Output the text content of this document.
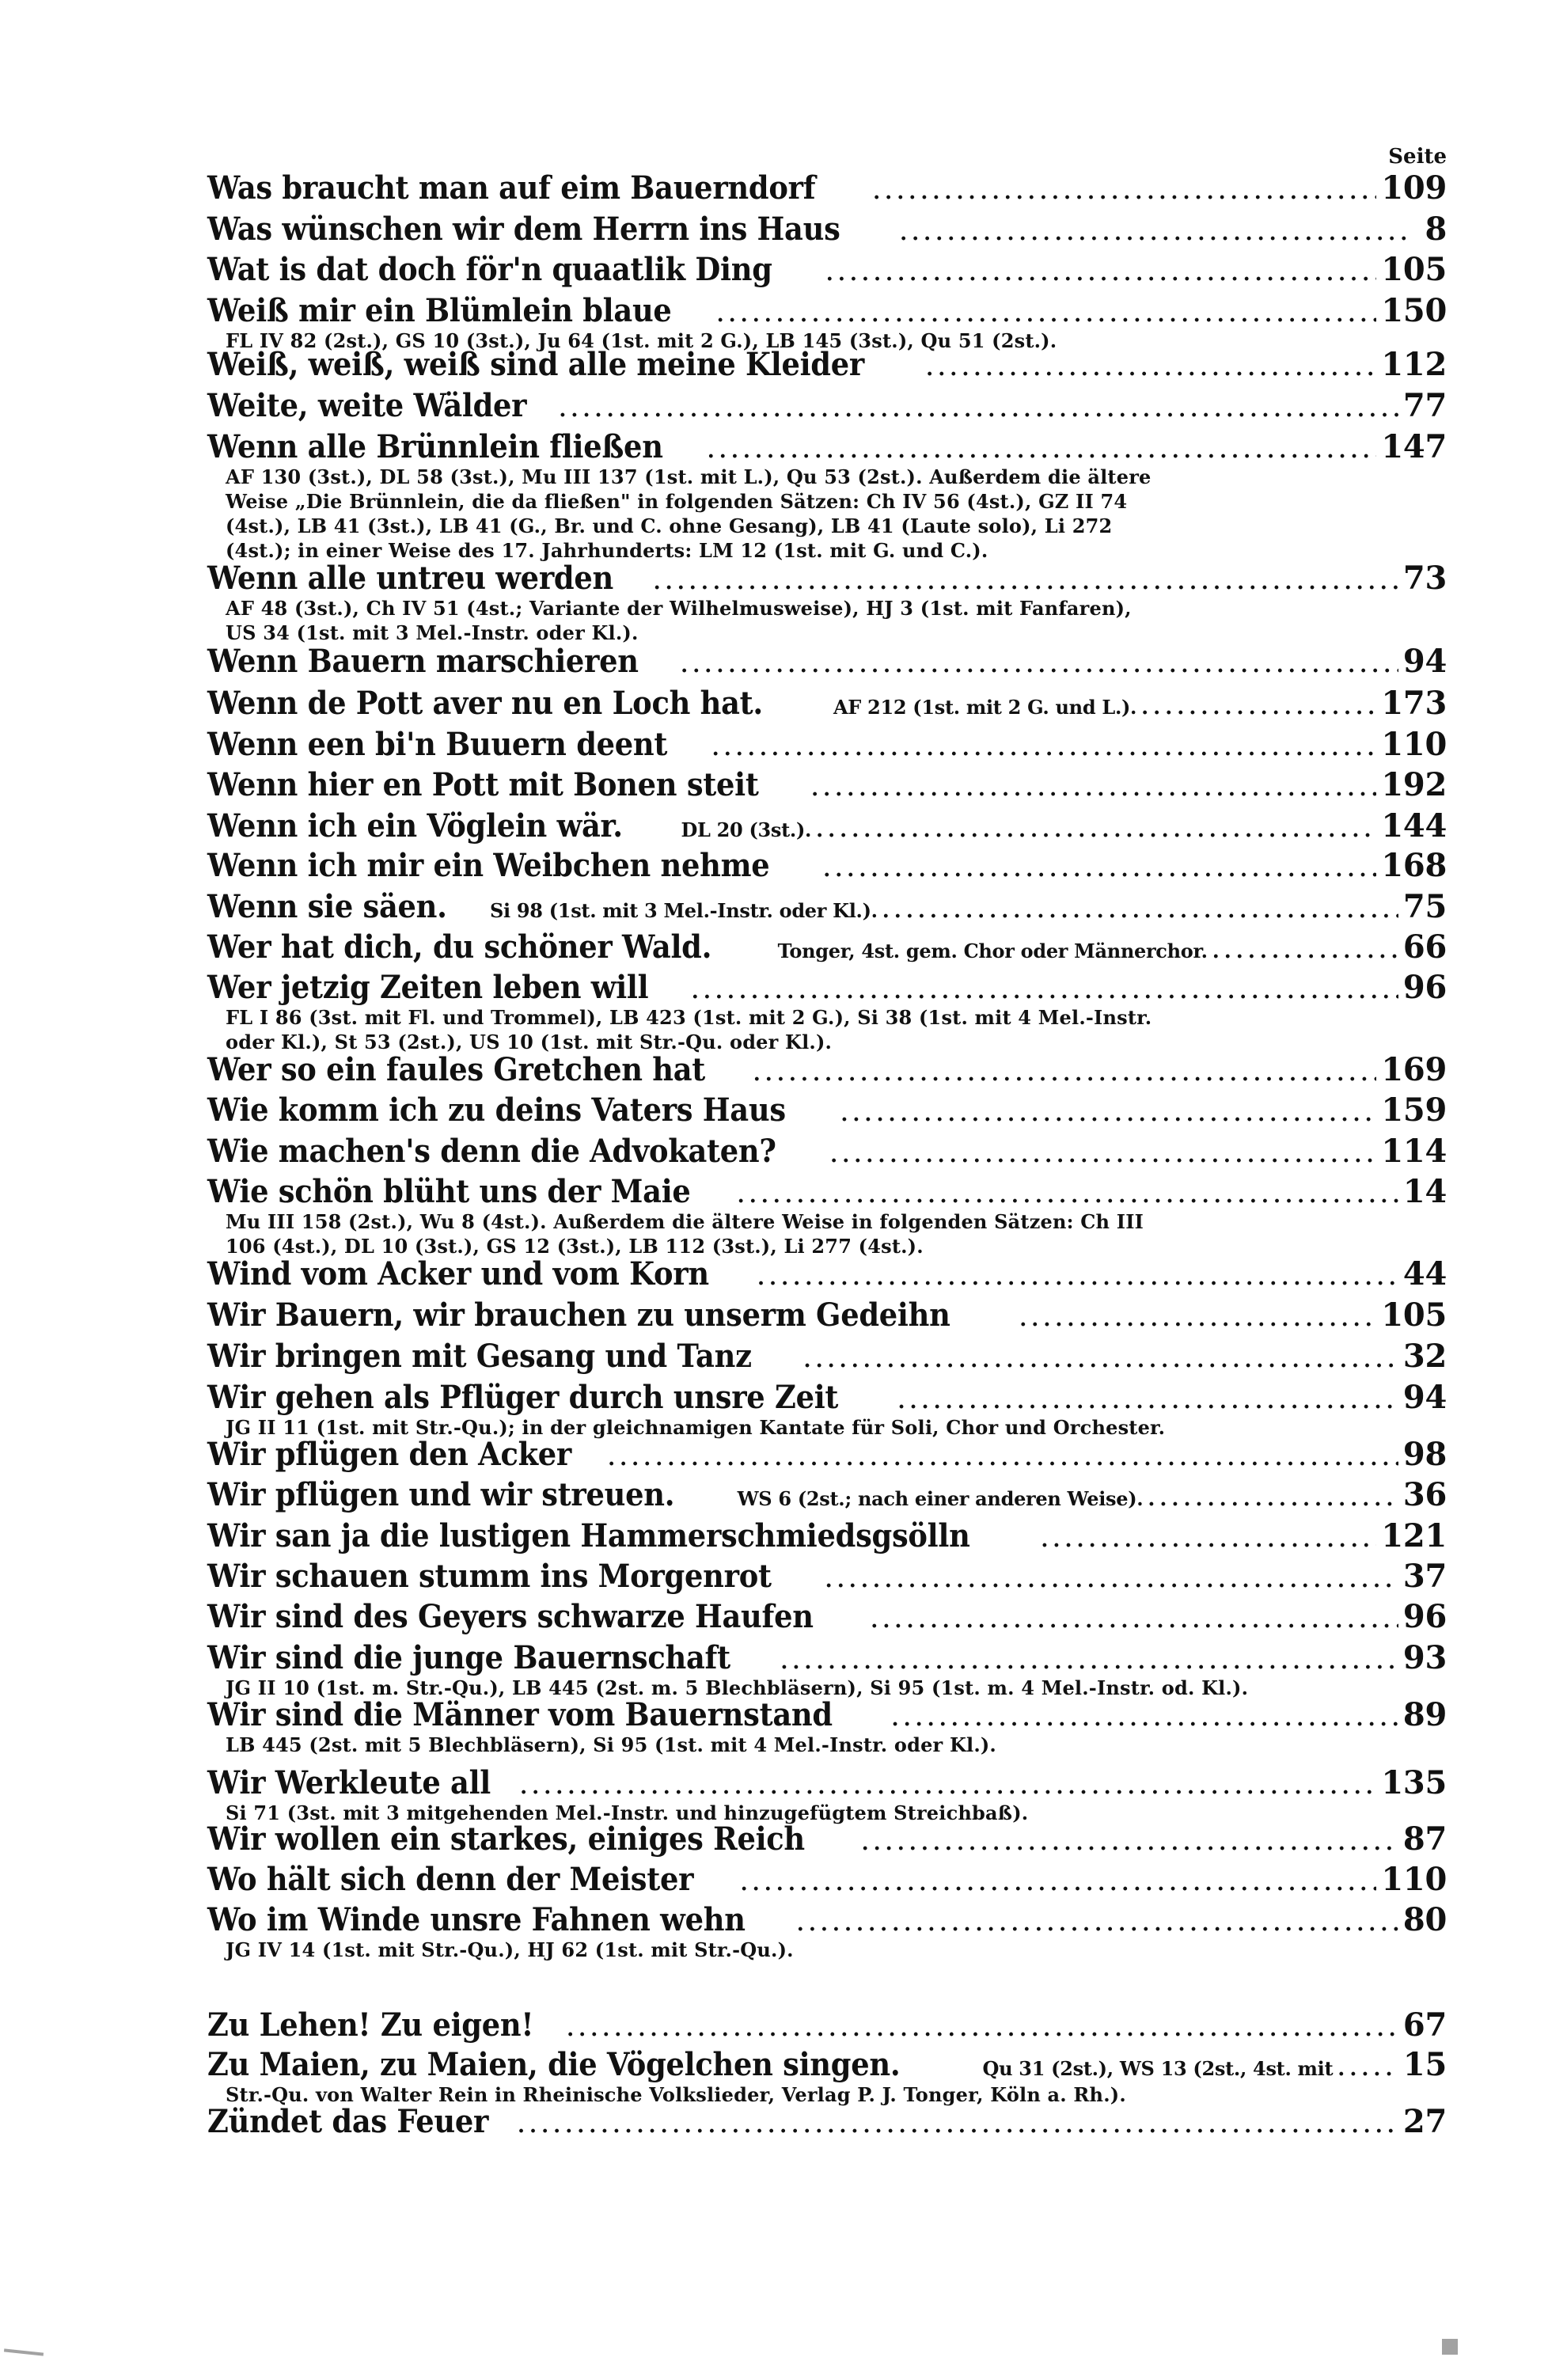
Seite
Was braucht man auf eim Bauerndorf .....	109
Was wünschen wir dem Herrn ins Haus .....	8
Wat is dat doch för'n quaatlik Ding .....	105
Weiß mir ein Blümlein blaue .....	150
FL IV 82 (2st.), GS 10 (3st.), Ju 64 (1st. mit 2 G.), LB 145 (3st.), Qu 51 (2st.).
Weiß, weiß, weiß sind alle meine Kleider .....	112
Weite, weite Wälder .....	77
Wenn alle Brünnlein fließen .....	147
AF 130 (3st.), DL 58 (3st.), Mu III 137 (1st. mit L.), Qu 53 (2st.). Außerdem die ältere
Weise „Die Brünnlein, die da fließen" in folgenden Sätzen: Ch IV 56 (4st.), GZ II 74
(4st.), LB 41 (3st.), LB 41 (G., Br. und C. ohne Gesang), LB 41 (Laute solo), Li 272
(4st.); in einer Weise des 17. Jahrhunderts: LM 12 (1st. mit G. und C.).
Wenn alle untreu werden .....	73
AF 48 (3st.), Ch IV 51 (4st.; Variante der Wilhelmusweise), HJ 3 (1st. mit Fanfaren),
US 34 (1st. mit 3 Mel.-Instr. oder Kl.).
Wenn Bauern marschieren .....	94
Wenn de Pott aver nu en Loch hat.	AF 212 (1st. mit 2 G. und L.). .....	173
Wenn een bi'n Buuern deent .....	110
Wenn hier en Pott mit Bonen steit .....	192
Wenn ich ein Vöglein wär.	DL 20 (3st.). .....	144
Wenn ich mir ein Weibchen nehme .....	168
Wenn sie säen. Si 98 (1st. mit 3 Mel.-Instr. oder Kl.). .....	75
Wer hat dich, du schöner Wald.	Tonger, 4st. gem. Chor oder Männerchor. .....	66
Wer jetzig Zeiten leben will .....	96
FL I 86 (3st. mit Fl. und Trommel), LB 423 (1st. mit 2 G.), Si 38 (1st. mit 4 Mel.-Instr.
oder Kl.), St 53 (2st.), US 10 (1st. mit Str.-Qu. oder Kl.).
Wer so ein faules Gretchen hat .....	169
Wie komm ich zu deins Vaters Haus .....	159
Wie machen's denn die Advokaten? .....	114
Wie schön blüht uns der Maie .....	14
Mu III 158 (2st.), Wu 8 (4st.). Außerdem die ältere Weise in folgenden Sätzen: Ch III
106 (4st.), DL 10 (3st.), GS 12 (3st.), LB 112 (3st.), Li 277 (4st.).
Wind vom Acker und vom Korn .....	44
Wir Bauern, wir brauchen zu unserm Gedeihn .....	105
Wir bringen mit Gesang und Tanz .....	32
Wir gehen als Pflüger durch unsre Zeit .....	94
JG II 11 (1st. mit Str.-Qu.); in der gleichnamigen Kantate für Soli, Chor und Orchester.
Wir pflügen den Acker .....	98
Wir pflügen und wir streuen.	WS 6 (2st.; nach einer anderen Weise). .....	36
Wir san ja die lustigen Hammerschmiedsgsölln .....	121
Wir schauen stumm ins Morgenrot .....	37
Wir sind des Geyers schwarze Haufen .....	96
Wir sind die junge Bauernschaft .....	93
JG II 10 (1st. m. Str.-Qu.), LB 445 (2st. m. 5 Blechbläsern), Si 95 (1st. m. 4 Mel.-Instr. od. Kl.).
Wir sind die Männer vom Bauernstand .....	89
LB 445 (2st. mit 5 Blechbläsern), Si 95 (1st. mit 4 Mel.-Instr. oder Kl.).
Wir Werkleute all .....	135
Si 71 (3st. mit 3 mitgehenden Mel.-Instr. und hinzugefügtem Streichbaß).
Wir wollen ein starkes, einiges Reich .....	87
Wo hält sich denn der Meister .....	110
Wo im Winde unsre Fahnen wehn .....	80
JG IV 14 (1st. mit Str.-Qu.), HJ 62 (1st. mit Str.-Qu.).
Zu Lehen! Zu eigen! .....	67
Zu Maien, zu Maien, die Vögelchen singen.	Qu 31 (2st.), WS 13 (2st., 4st. mit ..... 15
Str.-Qu. von Walter Rein in Rheinische Volkslieder, Verlag P. J. Tonger, Köln a. Rh.).
Zündet das Feuer .....	27
